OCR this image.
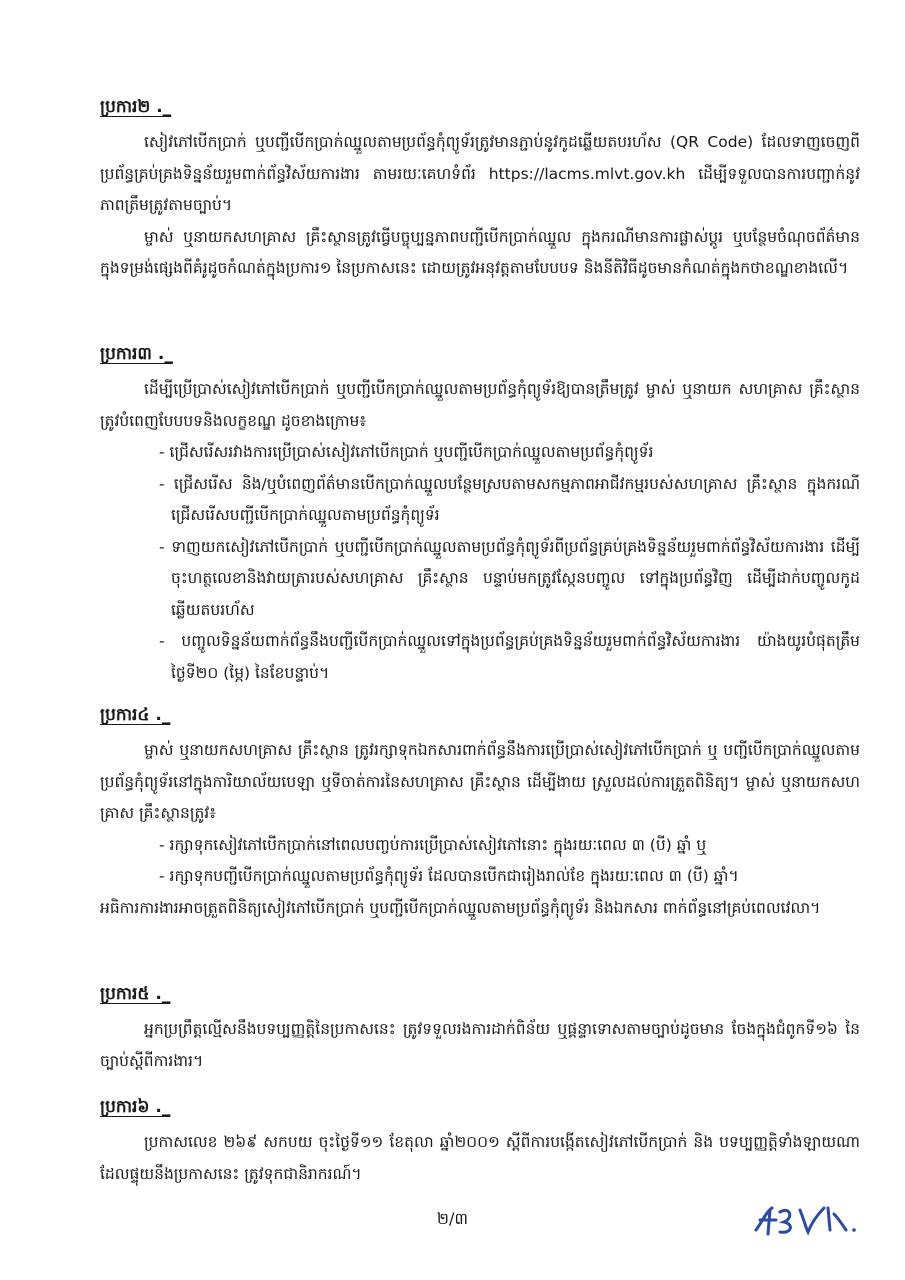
ប្រការ២ ._

សៀវភៅបើកប្រាក់ ឬបញ្ជីបើកប្រាក់ឈ្នួលតាមប្រព័ន្ធកុំព្យូទ័រត្រូវមានភ្ជាប់នូវកូដឆ្លើយតបរហ័ស (QR Code) ដែលទាញចេញពីប្រព័ន្ធគ្រប់គ្រងទិន្នន័យរួមពាក់ព័ន្ធវិស័យការងារ តាមរយៈគេហទំព័រ https://lacms.mlvt.gov.kh ដើម្បីទទួលបានការបញ្ជាក់នូវភាពត្រឹមត្រូវតាមច្បាប់។

ម្ចាស់ ឬនាយកសហគ្រាស គ្រឹះស្ថានត្រូវធ្វើបច្ចុប្បន្នភាពបញ្ជីបើកប្រាក់ឈ្នួល ក្នុងករណីមានការផ្លាស់ប្តូរ ឬបន្ថែមចំណុចព័ត៌មានក្នុងទម្រង់ផ្សេងពីគំរូដូចកំណត់ក្នុងប្រការ១ នៃប្រកាសនេះ ដោយត្រូវអនុវត្តតាមបែបបទ និងនីតិវិធីដូចមានកំណត់ក្នុងកថាខណ្ឌខាងលើ។

ប្រការ៣ ._

ដើម្បីប្រើប្រាស់សៀវភៅបើកប្រាក់ ឬបញ្ជីបើកប្រាក់ឈ្នួលតាមប្រព័ន្ធកុំព្យូទ័រឱ្យបានត្រឹមត្រូវ ម្ចាស់ ឬនាយក សហគ្រាស គ្រឹះស្ថាន ត្រូវបំពេញបែបបទនិងលក្ខខណ្ឌ ដូចខាងក្រោម៖

- ជ្រើសរើសរវាងការប្រើប្រាស់សៀវភៅបើកប្រាក់ ឬបញ្ជីបើកប្រាក់ឈ្នួលតាមប្រព័ន្ធកុំព្យូទ័រ
- ជ្រើសរើស និង/ឬបំពេញព័ត៌មានបើកប្រាក់ឈ្នួលបន្ថែមស្របតាមសកម្មភាពអាជីវកម្មរបស់សហគ្រាស គ្រឹះស្ថាន ក្នុងករណីជ្រើសរើសបញ្ជីបើកប្រាក់ឈ្នួលតាមប្រព័ន្ធកុំព្យូទ័រ
- ទាញយកសៀវភៅបើកប្រាក់ ឬបញ្ជីបើកប្រាក់ឈ្នួលតាមប្រព័ន្ធកុំព្យូទ័រពីប្រព័ន្ធគ្រប់គ្រងទិន្នន័យរួមពាក់ព័ន្ធវិស័យការងារ ដើម្បីចុះហត្ថលេខានិងវាយត្រារបស់សហគ្រាស គ្រឹះស្ថាន បន្ទាប់មកត្រូវស្កែនបញ្ចូល ទៅក្នុងប្រព័ន្ធវិញ ដើម្បីដាក់បញ្ចូលកូដឆ្លើយតបរហ័ស
- បញ្ចូលទិន្នន័យពាក់ព័ន្ធនឹងបញ្ជីបើកប្រាក់ឈ្នួលទៅក្នុងប្រព័ន្ធគ្រប់គ្រងទិន្នន័យរួមពាក់ព័ន្ធវិស័យការងារ យ៉ាងយូរបំផុតត្រឹមថ្ងៃទី២០ (ម្ភៃ) នៃខែបន្ទាប់។
ប្រការ៤ ._

ម្ចាស់ ឬនាយកសហគ្រាស គ្រឹះស្ថាន ត្រូវរក្សាទុកឯកសារពាក់ព័ន្ធនឹងការប្រើប្រាស់សៀវភៅបើកប្រាក់ ឬ បញ្ជីបើកប្រាក់ឈ្នួលតាមប្រព័ន្ធកុំព្យូទ័រនៅក្នុងការិយាល័យបេឡា ឬទីចាត់ការនៃសហគ្រាស គ្រឹះស្ថាន ដើម្បីងាយ ស្រួលដល់ការត្រួតពិនិត្យ។ ម្ចាស់ ឬនាយកសហគ្រាស គ្រឹះស្ថានត្រូវ៖

- រក្សាទុកសៀវភៅបើកប្រាក់នៅពេលបញ្ចប់ការប្រើប្រាស់សៀវភៅនោះ ក្នុងរយៈពេល ៣ (បី) ឆ្នាំ ឬ
- រក្សាទុកបញ្ជីបើកប្រាក់ឈ្នួលតាមប្រព័ន្ធកុំព្យូទ័រ ដែលបានបើកជារៀងរាល់ខែ ក្នុងរយៈពេល ៣ (បី) ឆ្នាំ។

អធិការការងារអាចត្រួតពិនិត្យសៀវភៅបើកប្រាក់ ឬបញ្ជីបើកប្រាក់ឈ្នួលតាមប្រព័ន្ធកុំព្យូទ័រ និងឯកសារ ពាក់ព័ន្ធនៅគ្រប់ពេលវេលា។

ប្រការ៥ ._

អ្នកប្រព្រឹត្តល្មើសនឹងបទប្បញ្ញត្តិនៃប្រកាសនេះ ត្រូវទទួលរងការដាក់ពិន័យ ឬផ្តន្ទាទោសតាមច្បាប់ដូចមាន ចែងក្នុងជំពូកទី១៦ នៃច្បាប់ស្តីពីការងារ។

ប្រការ៦ ._

ប្រកាសលេខ ២៦៩ សកបយ ចុះថ្ងៃទី១១ ខែតុលា ឆ្នាំ២០០១ ស្តីពីការបង្កើតសៀវភៅបើកប្រាក់ និង បទប្បញ្ញត្តិទាំងឡាយណាដែលផ្ទុយនឹងប្រកាសនេះ ត្រូវទុកជានិរាករណ៍។

២/៣
